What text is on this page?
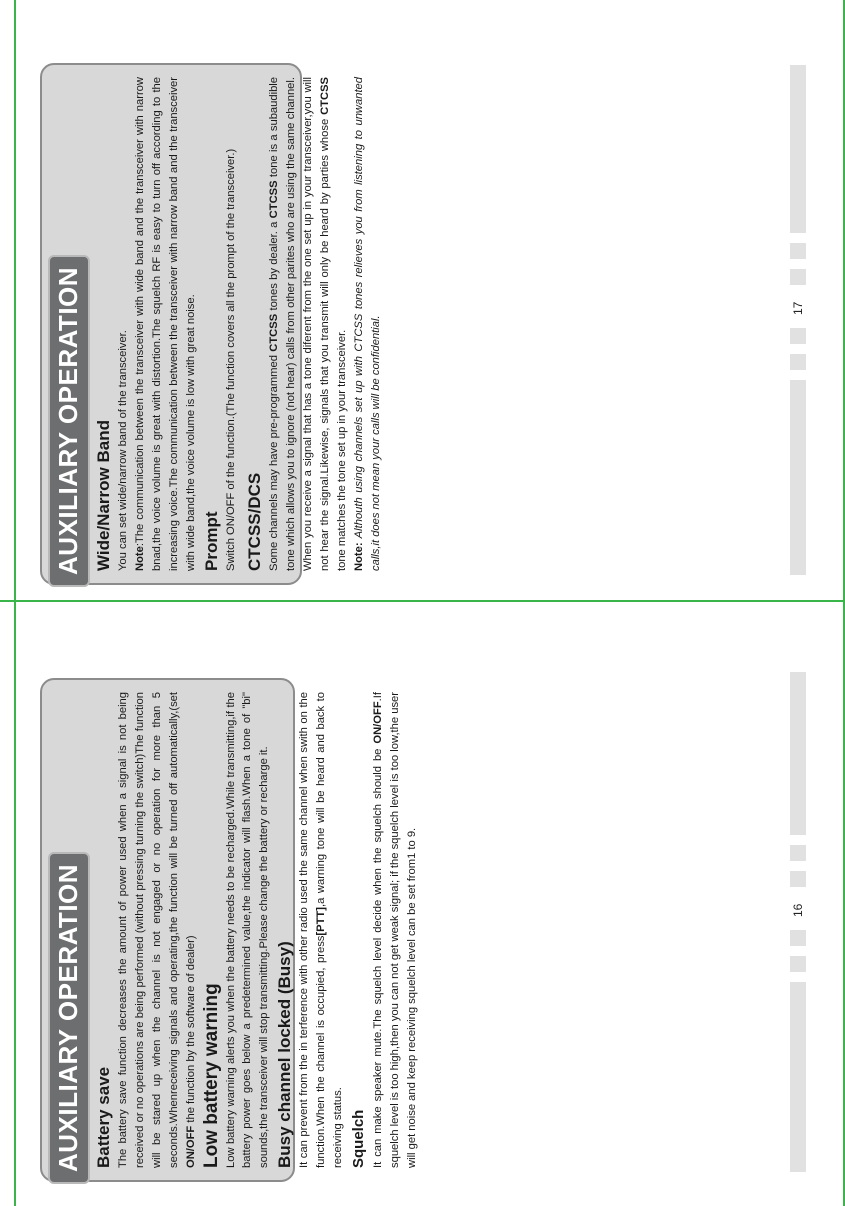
AUXILIARY OPERATION Battery save The battery save function decreases the amount of power used when a signal is not being received or no operations are being performed (without pressing turning the switch)The function will be stared up when the channel is not engaged or no operation for more than 5 seconds.Whenreceiving signals and operating,the function will be turned off automatically,(set ON/OFF the function by the software of dealer) Low battery warning Low battery warning alerts you when the battery needs to be recharged.While transmitting,if the battery power goes below a predetermined value,the indicator will flash.When a tone of "bi" sounds,the transceiver will stop transmitting.Please change the battery or recharge it. Busy channel locked (Busy) It can prevent from the in terference with other radio used the same channel when swith on the function.When the channel is occupied, press[PTT],a warning tone will be heard and back to receiving status. Squelch It can make speaker mute.The squelch level decide when the squelch should be ON/OFF.If squelch level is too high,then you can not get weak signal; if the squelch level is too low,the user will get noise and keep receiving squelch level can be set from1 to 9.	16
AUXILIARY OPERATION Wide/Narrow Band You can set wide/narrow band of the transceiver. Note:The communication between the transceiver with wide band and the transceiver with narrow bnad,the voice volume is great with distortion.The squelch RF is easy to turn off according to the increasing voice.The communication between the transceiver with narrow band and the transceiver with wide band,the voice volume is low with great noise. Prompt Switch ON/OFF of the function.(The function covers all the prompt of the transceiver.) CTCSS/DCS Some channels may have pre-programmed CTCSS tones by dealer. a CTCSS tone is a subaudible tone which allows you to ignore (not hear) calls from other parites who are using the same channel. When you receive a signal that has a tone diferent from the one set up in your transceiver,you will not hear the signal.Likewise, signals that you transmit will only be heard by parties whose CTCSS tone matches the tone set up in your transceiver. Note: Althouth using channels set up with CTCSS tones relieves you from listening to unwanted calls,it does not mean your calls will be confidential.

17
